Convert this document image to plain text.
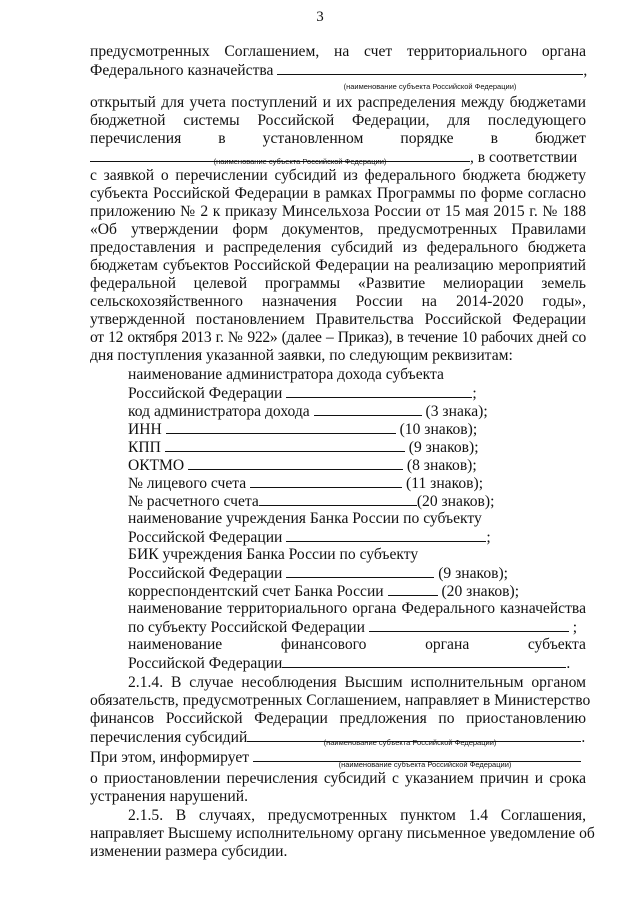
3
предусмотренных Соглашением, на счет территориального органа
Федерального казначейства	,
(наименование субъекта Российской Федерации)
открытый для учета поступлений и их распределения между бюджетами
бюджетной системы Российской Федерации, для последующего
перечисления в установленном порядке в бюджет
, в соответствии
(наименование субъекта Российской Федерации)
с заявкой о перечислении субсидий из федерального бюджета бюджету
субъекта Российской Федерации в рамках Программы по форме согласно
приложению № 2 к приказу Минсельхоза России от 15 мая 2015 г. № 188
«Об утверждении форм документов, предусмотренных Правилами
предоставления и распределения субсидий из федерального бюджета
бюджетам субъектов Российской Федерации на реализацию мероприятий
федеральной целевой программы «Развитие мелиорации земель
сельскохозяйственного назначения России на 2014-2020 годы»,
утвержденной постановлением Правительства Российской Федерации
от 12 октября 2013 г. № 922» (далее – Приказ), в течение 10 рабочих дней со
дня поступления указанной заявки, по следующим реквизитам:
наименование администратора дохода субъекта
Российской Федерации	;
код администратора дохода	(3 знака);
ИНН	(10 знаков);
КПП	(9 знаков);
ОКТМО	(8 знаков);
№ лицевого счета	(11 знаков);
№ расчетного счета	(20 знаков);
наименование учреждения Банка России по субъекту
Российской Федерации	;
БИК учреждения Банка России по субъекту
Российской Федерации	(9 знаков);
корреспондентский счет Банка России	(20 знаков);
наименование территориального органа Федерального казначейства
по субъекту Российской Федерации	;
наименование	финансового	органа	субъекта
Российской Федерации	.
2.1.4. В случае несоблюдения Высшим исполнительным органом
обязательств, предусмотренных Соглашением, направляет в Министерство
финансов Российской Федерации предложения по приостановлению
перечисления субсидий	.
(наименование субъекта Российской Федерации)
При этом, информирует	(наименование субъекта Российской Федерации)
о приостановлении перечисления субсидий с указанием причин и срока
устранения нарушений.
2.1.5. В случаях, предусмотренных пунктом 1.4 Соглашения,
направляет Высшему исполнительному органу письменное уведомление об
изменении размера субсидии.
